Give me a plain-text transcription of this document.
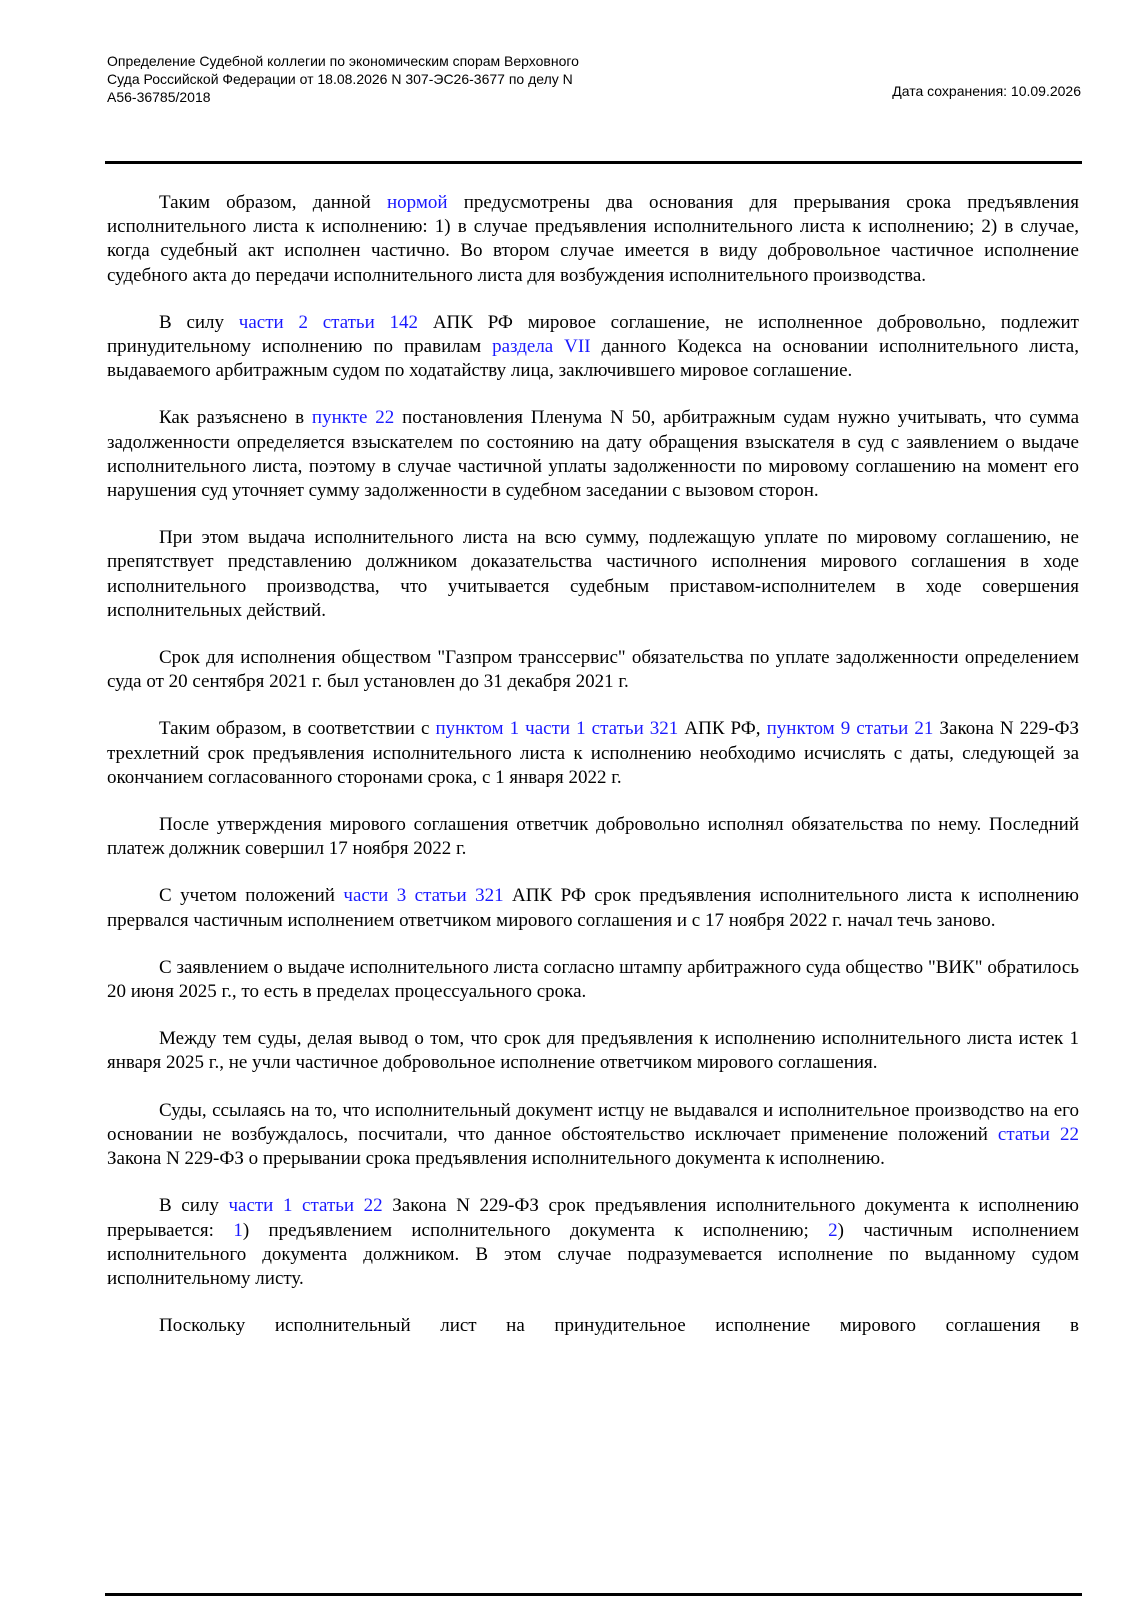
Определение Судебной коллегии по экономическим спорам Верховного
Суда Российской Федерации от 18.08.2026 N 307-ЭС26-3677 по делу N
А56-36785/2018	Дата сохранения: 10.09.2026

Таким образом, данной нормой предусмотрены два основания для прерывания срока предъявления исполнительного листа к исполнению: 1) в случае предъявления исполнительного листа к исполнению; 2) в случае, когда судебный акт исполнен частично. Во втором случае имеется в виду добровольное частичное исполнение судебного акта до передачи исполнительного листа для возбуждения исполнительного производства.

В силу части 2 статьи 142 АПК РФ мировое соглашение, не исполненное добровольно, подлежит принудительному исполнению по правилам раздела VII данного Кодекса на основании исполнительного листа, выдаваемого арбитражным судом по ходатайству лица, заключившего мировое соглашение.

Как разъяснено в пункте 22 постановления Пленума N 50, арбитражным судам нужно учитывать, что сумма задолженности определяется взыскателем по состоянию на дату обращения взыскателя в суд с заявлением о выдаче исполнительного листа, поэтому в случае частичной уплаты задолженности по мировому соглашению на момент его нарушения суд уточняет сумму задолженности в судебном заседании с вызовом сторон.

При этом выдача исполнительного листа на всю сумму, подлежащую уплате по мировому соглашению, не препятствует представлению должником доказательства частичного исполнения мирового соглашения в ходе исполнительного производства, что учитывается судебным приставом-исполнителем в ходе совершения исполнительных действий.

Срок для исполнения обществом "Газпром транссервис" обязательства по уплате задолженности определением суда от 20 сентября 2021 г. был установлен до 31 декабря 2021 г.

Таким образом, в соответствии с пунктом 1 части 1 статьи 321 АПК РФ, пунктом 9 статьи 21 Закона N 229-ФЗ трехлетний срок предъявления исполнительного листа к исполнению необходимо исчислять с даты, следующей за окончанием согласованного сторонами срока, с 1 января 2022 г.

После утверждения мирового соглашения ответчик добровольно исполнял обязательства по нему. Последний платеж должник совершил 17 ноября 2022 г.

С учетом положений части 3 статьи 321 АПК РФ срок предъявления исполнительного листа к исполнению прервался частичным исполнением ответчиком мирового соглашения и с 17 ноября 2022 г. начал течь заново.

С заявлением о выдаче исполнительного листа согласно штампу арбитражного суда общество "ВИК" обратилось 20 июня 2025 г., то есть в пределах процессуального срока.

Между тем суды, делая вывод о том, что срок для предъявления к исполнению исполнительного листа истек 1 января 2025 г., не учли частичное добровольное исполнение ответчиком мирового соглашения.

Суды, ссылаясь на то, что исполнительный документ истцу не выдавался и исполнительное производство на его основании не возбуждалось, посчитали, что данное обстоятельство исключает применение положений статьи 22 Закона N 229-ФЗ о прерывании срока предъявления исполнительного документа к исполнению.

В силу части 1 статьи 22 Закона N 229-ФЗ срок предъявления исполнительного документа к исполнению прерывается: 1) предъявлением исполнительного документа к исполнению; 2) частичным исполнением исполнительного документа должником. В этом случае подразумевается исполнение по выданному судом исполнительному листу.

Поскольку исполнительный лист на принудительное исполнение мирового соглашения в
